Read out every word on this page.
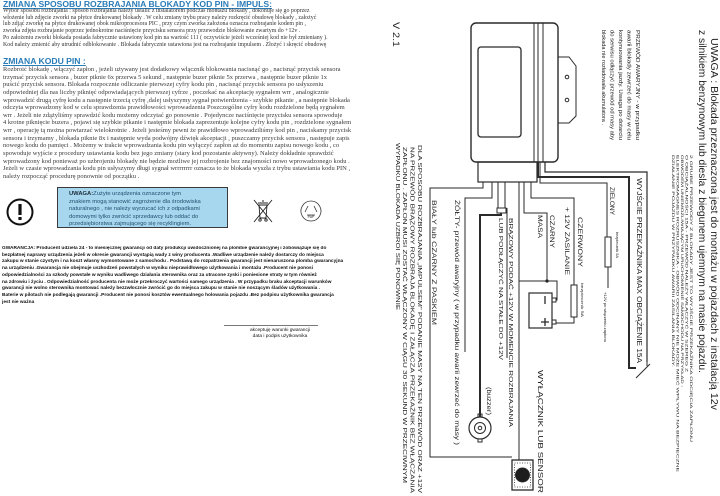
ZMIANA SPOSOBU ROZBRAJANIA BLOKADY KOD PIN - IMPULS:
Wybór sposobu rozbrajania : sposób rozbrajania należy ustalić z instalatorem podczas montażu blokady , dokonuje się go poprzez
włożenie lub zdjęcie zworki na płytce drukowanej blokady . W celu zmiany trybu pracy należy rozkręcić obudowę blokady , założyć
lub zdjąć zworkę na płytce drukowanej obok mikroprocesora PIC , przy czym zworka założona oznacza rozbrajanie kodem pin ,
zworka zdjęta rozbrajanie poprzez jednokrotne naciśnięcie przycisku sensora przy przewodzie blokowanie zwartym do +12v .
Po założeniu zworki blokada posiada fabrycznie ustawiony kod pin na wartość 111 ( oczywiście jeżeli wcześniej kod nie był zmieniany ).
Kod należy zmienić aby utrudnić odblokowanie . Blokada fabrycznie ustawiona jest na rozbrajanie impulsem . Złożyć i skręcić obudowę
ZMIANA KODU PIN :
Rozbroić blokadę , włączyć zapłon , jeżeli używany jest dodatkowy włącznik blokowania nacisnąć go , nacisnąć przycisk sensora
trzymać przycisk sensora , buzer piknie 6x przerwa 5 sekund , następnie buzer piknie 5x przerwa , następnie buzer piknie 1x
puścić przycisk sensora. Blokada rozpocznie odliczanie pierwszej cyfry kodu pin , nacisnąć przycisk sensora po usłyszeniu
odpowiedniej dla nas liczby piknięć odpowiadających pierwszej cyfrze , poczekać na akceptację sygnałem wrr , analogicznie
wprowadzić drugą cyfrę kodu a następnie trzecią cyfrę ,dalej usłyszymy sygnał potwierdzenia - szybkie pikanie , a następnie blokada
odczyta wprowadzony kod w celu sprawdzenia prawidłowości wprowadzenia Poszczególne cyfry kodu rozdzielone będą sygnałem
wrr . Jeżeli nie zdążyliśmy sprawdzić kodu możemy odczytać go ponownie . Pojedyncze naciśnięcie przycisku sensora spowoduje
4 krotne piknięcie buzera , pojawi się szybkie pikanie i następnie blokada zaprezentuje kolejne cyfry kodu pin , rozdzielone sygnałem
wrr , operację tą można powtarzać wielokrotnie . Jeżeli jesteśmy pewni że prawidłowo wprowadziliśmy kod pin , naciskamy przycisk
sensora i trzymamy , blokada piknie 8x i następnie wyda podwójny dźwięk akceptacji , puszczamy przycisk sensora , następuje zapis
nowego kodu do pamięci . Możemy w trakcie wprowadzania kodu pin wyłączyć zapłon aż do momentu zapisu nowego kodu , co
spowoduje wyjście z procedury ustawiania kodu bez jego zmiany (stary kod pozostanie aktywny). Należy dokładnie sprawdzić
wprowadzony kod ponieważ po uzbrojeniu blokady nie będzie możliwe jej rozbrojenie bez znajomości nowo wprowadzonego kodu .
Jeżeli w czasie wprowadzania kodu pin usłyszymy długi sygnał wrrrrrrrr oznacza to że blokada wyszła z trybu ustawiania kodu PIN ,
należy rozpocząć procedurę ponownie od początku .
UWAGA:Zużyte urządzenia oznaczone tym
znakiem mogą stanowić zagrożenie dla środowiska
naturalnego , nie należy wyrzucać ich z odpadkami
domowymi tylko zwrócić sprzedawcy lub oddać do
przedsiębiorstwa zajmującego się recyklingiem.
PAP
GWARANCJA: Producent udziela 24 - to miesięcznej gwarancji od daty produkcji uwidocznionej na plombie gwarancyjnej i zobowiązuje się do
bezpłatnej naprawy urządzenia jeżeli w okresie gwarancji wystąpią wady z winy producenta .Wadliwe urządzenie należy dostarczy do miejsca
zakupu w stanie czystym i na koszt własny wymontowane z samochodu . Podstawą do rozpatrzenia gwarancji jest nienaruszona plomba gwarancyjna
na urządzeniu .Gwarancja nie obejmuje uszkodzeń powstałych w wyniku nieprawidłowego użytkowania i montażu .Producent nie ponosi
odpowiedzialności za szkody powstałe w wyniku wadliwego działania sterownika oraz za utracone zyski i poniesione straty w tym również
na zdrowiu i życiu . Odpowiedzialność producenta nie może przekroczyć wartości samego urządzenia . W przypadku braku akceptacji warunków
gwarancji nie wolno sterownika montować należy bezzwłocznie zwrócić go do miejsca zakupu w stanie nie noszącym śladów użytkowania .
Baterie w pilotach nie podlegają gwarancji .Producent nie ponosi kosztów ewentualnego holowania pojazdu .Bez podpisu użytkownika gwarancja
jest nie ważna
akceptuję warunki gwarancji
data i podpis użytkownika
V 2.1
UWAGA : Blokada przeznaczona jest do montażu w pojazdach z instalacją 12v
z silnikiem benzynowym lub diesla z biegunem ujemnym na masie pojazdu.
PRZEWÓD AWARYJNY - w przypadku
awarii blokady zewrzeć do masy w celu
kontynuowania jazdy. Uwaga po dotarciu
do serwisu odłączyć przewód od masy aby
blokada nie rozładowała akumulatora .
2 GRUBE PRZEWODY Z BLOKADY JEST TO WYJŚCIE PRZEKAŹNIKA ODCIĘCIA ZAPŁONU
O OBCIĄŻALNOŚCI 15A - PRZEWÓD NALEŻY WŁĄCZYĆ W SZEREG Z
OBWODEM UNIEMOŻLIWIAJĄCYM URUCHOMIENIE SAMOCHODU NA PRZYKŁAD :
ELEKTROMAGNES ROZRUSZNIKA - OBWÓD ODCINANY NIE MOŻE MIEĆ WPŁYWU NA BEZPIECZNE
DZIAŁANIE POJAZDU W PRZYPADKU AWARII ZASILANIA BLOKADY.
WYJŚCIE PRZEKAŹNIKA MAX OBCIĄŻENIE 15A
ZIELONY
bezpiecznik 5A
+12V po włączeniu zapłonu
CZERWONY
+ 12V ZASILANIE
bezpiecznik 5A
CZARNY
MASA
BRĄZOWY PODAĆ +12V W MOMENCIE ROZBRAJANIA
LUB PODŁĄCZYĆ NA STAŁE DO +12V
(buzzer)
ŻÓŁTY- przewód awaryjny ( w przypadku awarii zewrzeć do masy )
BIAŁY lub CZARNY Z PASKIEM
DLA SPOSOBU ROZBRAJANIA „IMPULSEM” PODANIE MASY NA TEN PRZEWÓD ORAZ +12V
NA PRZEWÓD BRĄZOWY ROZBRAJA BLOKADĘ I ZAŁĄCZA PRZEKAŹNIK BEZ WŁĄCZANIA
ZAPŁONU . ZAPŁON MUSI ZOSTAĆ WŁĄCZONY W CIĄGU 30 SEKUND W PRZECIWNYM
WYPADKU BLOKADA UZBROI SIĘ PONOWNIE
WYŁĄCZNIK LUB SENSOR
